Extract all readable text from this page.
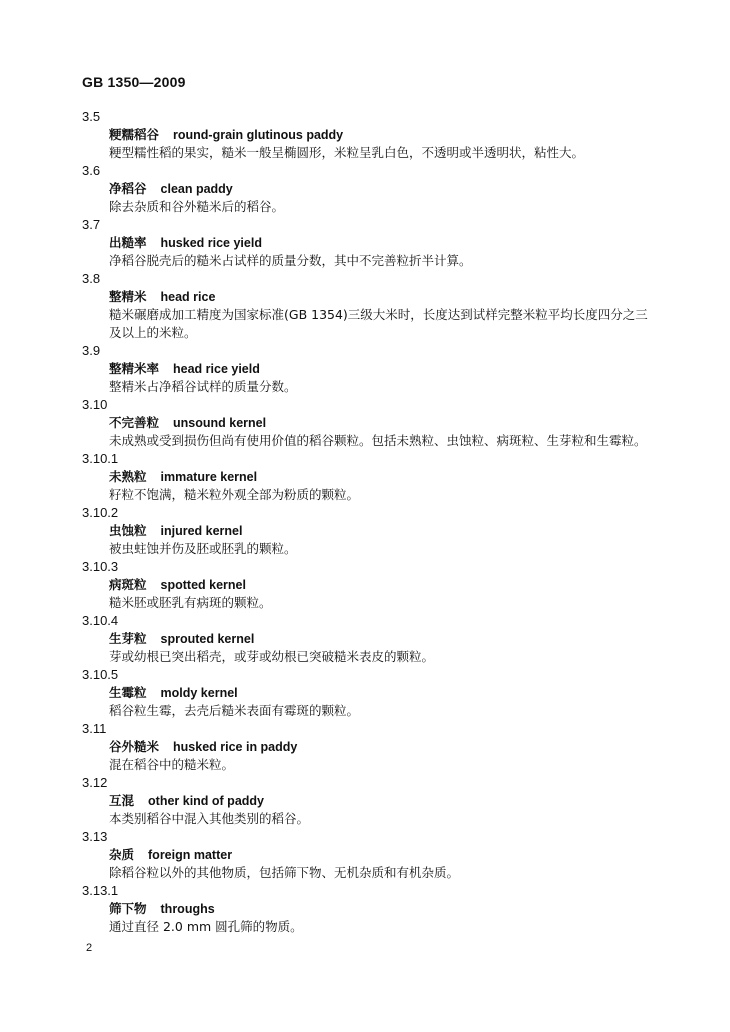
GB 1350—2009
3.5
粳糯稻谷 round-grain glutinous paddy
粳型糯性稻的果实，糙米一般呈椭圆形，米粒呈乳白色，不透明或半透明状，粘性大。
3.6
净稻谷 clean paddy
除去杂质和谷外糙米后的稻谷。
3.7
出糙率 husked rice yield
净稻谷脱壳后的糙米占试样的质量分数，其中不完善粒折半计算。
3.8
整精米 head rice
糙米碾磨成加工精度为国家标准(GB 1354)三级大米时，长度达到试样完整米粒平均长度四分之三及以上的米粒。
3.9
整精米率 head rice yield
整精米占净稻谷试样的质量分数。
3.10
不完善粒 unsound kernel
未成熟或受到损伤但尚有使用价值的稻谷颗粒。包括未熟粒、虫蚀粒、病斑粒、生芽粒和生霉粒。
3.10.1
未熟粒 immature kernel
籽粒不饱满，糙米粒外观全部为粉质的颗粒。
3.10.2
虫蚀粒 injured kernel
被虫蛀蚀并伤及胚或胚乳的颗粒。
3.10.3
病斑粒 spotted kernel
糙米胚或胚乳有病斑的颗粒。
3.10.4
生芽粒 sprouted kernel
芽或幼根已突出稻壳，或芽或幼根已突破糙米表皮的颗粒。
3.10.5
生霉粒 moldy kernel
稻谷粒生霉，去壳后糙米表面有霉斑的颗粒。
3.11
谷外糙米 husked rice in paddy
混在稻谷中的糙米粒。
3.12
互混 other kind of paddy
本类别稻谷中混入其他类别的稻谷。
3.13
杂质 foreign matter
除稻谷粒以外的其他物质，包括筛下物、无机杂质和有机杂质。
3.13.1
筛下物 throughs
通过直径 2.0 mm 圆孔筛的物质。
2
